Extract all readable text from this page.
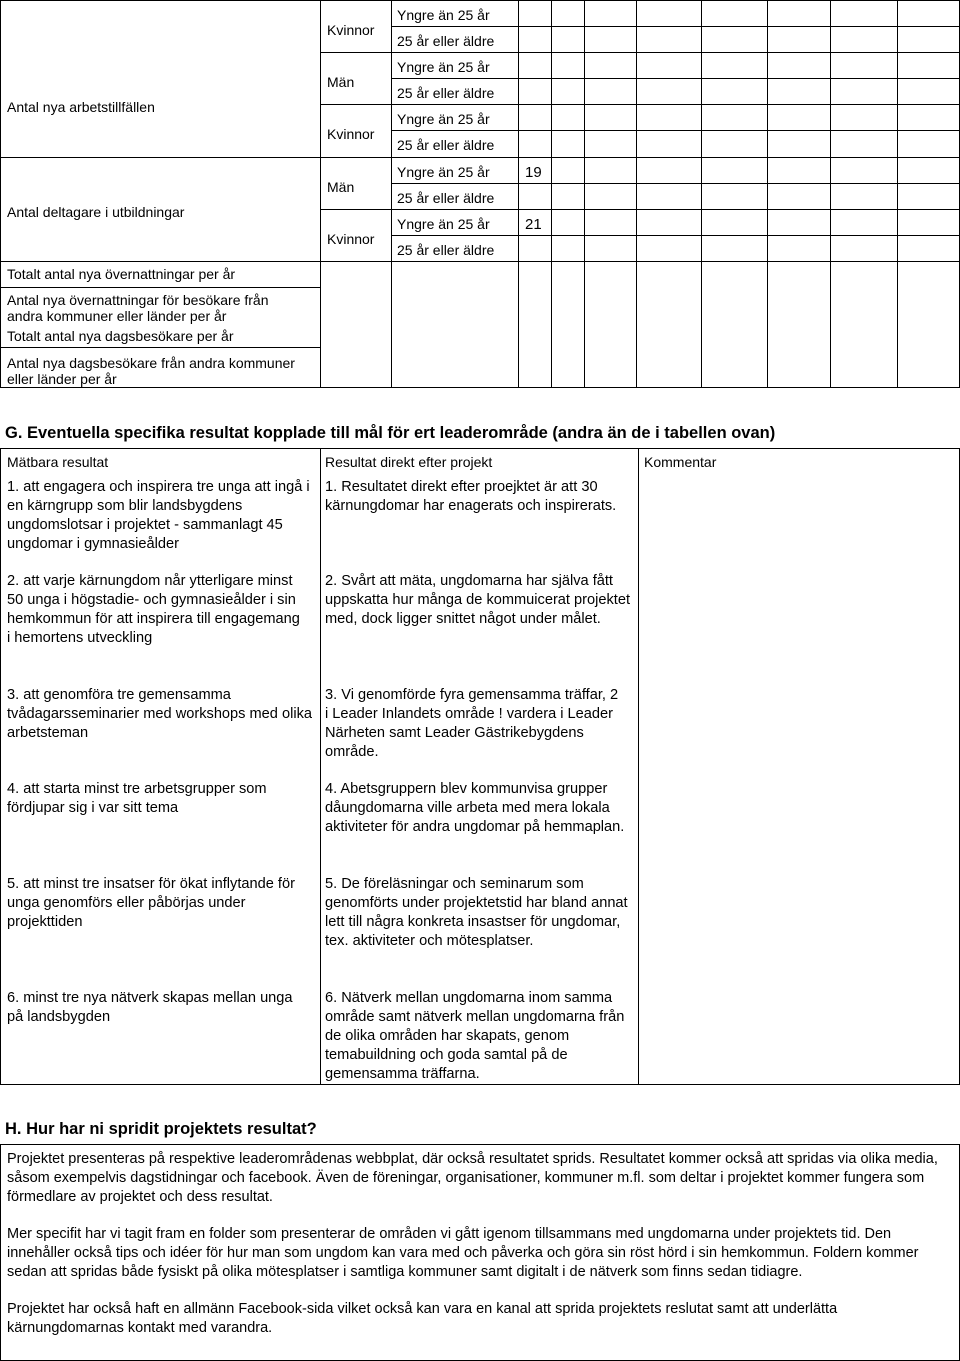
Antal nya arbetstillfällen
Antal deltagare i utbildningar
Totalt antal nya övernattningar per år
Antal nya övernattningar för besökare från andra kommuner eller länder per år
Totalt antal nya dagsbesökare per år
Antal nya dagsbesökare från andra kommuner eller länder per år
Kvinnor
Män
Kvinnor
Män
Kvinnor
Yngre än 25 år
25 år eller äldre
Yngre än 25 år
25 år eller äldre
Yngre än 25 år
25 år eller äldre
Yngre än 25 år
25 år eller äldre
Yngre än 25 år
25 år eller äldre
19
21
G. Eventuella specifika resultat kopplade till mål för ert leaderområde (andra än de i tabellen ovan)
Mätbara resultat	Resultat direkt efter projekt	Kommentar
1. att engagera och inspirera tre unga att ingå i en kärngrupp som blir landsbygdens ungdomslotsar i projektet - sammanlagt 45 ungdomar i gymnasieålder
1. Resultatet direkt efter proejktet är att 30 kärnungdomar har enagerats och inspirerats.
2. att varje kärnungdom når ytterligare minst 50 unga i högstadie- och gymnasieålder i sin hemkommun för att inspirera till engagemang i hemortens utveckling
2. Svårt att mäta, ungdomarna har själva fått uppskatta hur många de kommuicerat projektet med, dock ligger snittet något under målet.
3. att genomföra tre gemensamma tvådagarsseminarier med workshops med olika arbetsteman
3. Vi genomförde fyra gemensamma träffar, 2 i Leader Inlandets område ! vardera i Leader Närheten samt Leader Gästrikebygdens område.
4. att starta minst tre arbetsgrupper som fördjupar sig i var sitt tema
4. Abetsgruppern blev kommunvisa grupper dåungdomarna ville arbeta med mera lokala aktiviteter för andra ungdomar på hemmaplan.
5. att minst tre insatser för ökat inflytande för unga genomförs eller påbörjas under projekttiden
5. De föreläsningar och seminarum som genomförts under projektetstid har bland annat lett till några konkreta insastser för ungdomar, tex. aktiviteter och mötesplatser.
6. minst tre nya nätverk skapas mellan unga på landsbygden
6. Nätverk mellan ungdomarna inom samma område samt nätverk mellan ungdomarna från de olika områden har skapats, genom temabuildning och goda samtal på de gemensamma träffarna.
H. Hur har ni spridit projektets resultat?

Projektet presenteras på respektive leaderområdenas webbplat, där också resultatet sprids. Resultatet kommer också att spridas via olika media, såsom exempelvis dagstidningar och facebook. Även de föreningar, organisationer, kommuner m.fl. som deltar i projektet kommer fungera som förmedlare av projektet och dess resultat.

Mer specifit har vi tagit fram en folder som presenterar de områden vi gått igenom tillsammans med ungdomarna under projektets tid. Den innehåller också tips och idéer för hur man som ungdom kan vara med och påverka och göra sin röst hörd i sin hemkommun. Foldern kommer sedan att spridas både fysiskt på olika mötesplatser i samtliga kommuner samt digitalt i de nätverk som finns sedan tidiagre.

Projektet har också haft en allmänn Facebook-sida vilket också kan vara en kanal att sprida projektets reslutat samt att underlätta kärnungdomarnas kontakt med varandra.
